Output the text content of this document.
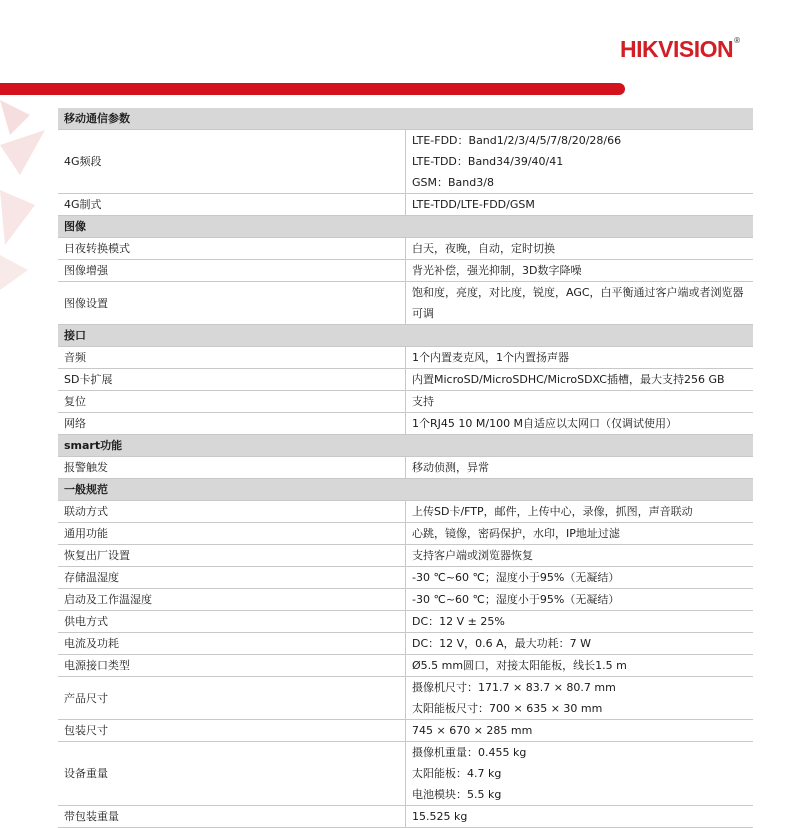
HIKVISION®
移动通信参数	
4G频段	LTE-FDD：Band1/2/3/4/5/7/8/20/28/66
LTE-TDD：Band34/39/40/41
GSM：Band3/8

4G制式	LTE-TDD/LTE-FDD/GSM

图像	
日夜转换模式	白天，夜晚，自动，定时切换

图像增强	背光补偿，强光抑制，3D数字降噪

图像设置	饱和度，亮度，对比度，锐度，AGC，白平衡通过客户端或者浏览器可调

接口	
音频	1个内置麦克风，1个内置扬声器

SD卡扩展	内置MicroSD/MicroSDHC/MicroSDXC插槽，最大支持256 GB

复位	支持

网络	1个RJ45 10 M/100 M自适应以太网口（仅调试使用）

smart功能	
报警触发	移动侦测，异常

一般规范	
联动方式	上传SD卡/FTP，邮件，上传中心，录像，抓图，声音联动

通用功能	心跳，镜像，密码保护，水印，IP地址过滤

恢复出厂设置	支持客户端或浏览器恢复

存储温湿度	-30 ℃~60 ℃；湿度小于95%（无凝结）

启动及工作温湿度	-30 ℃~60 ℃；湿度小于95%（无凝结）

供电方式	DC：12 V ± 25%

电流及功耗	DC：12 V，0.6 A，最大功耗：7 W

电源接口类型	Ø5.5 mm圆口，对接太阳能板，线长1.5 m

产品尺寸	摄像机尺寸：171.7 × 83.7 × 80.7 mm
太阳能板尺寸：700 × 635 × 30 mm

包装尺寸	745 × 670 × 285 mm

设备重量	摄像机重量：0.455 kg
太阳能板：4.7 kg
电池模块：5.5 kg

带包装重量	15.525 kg
